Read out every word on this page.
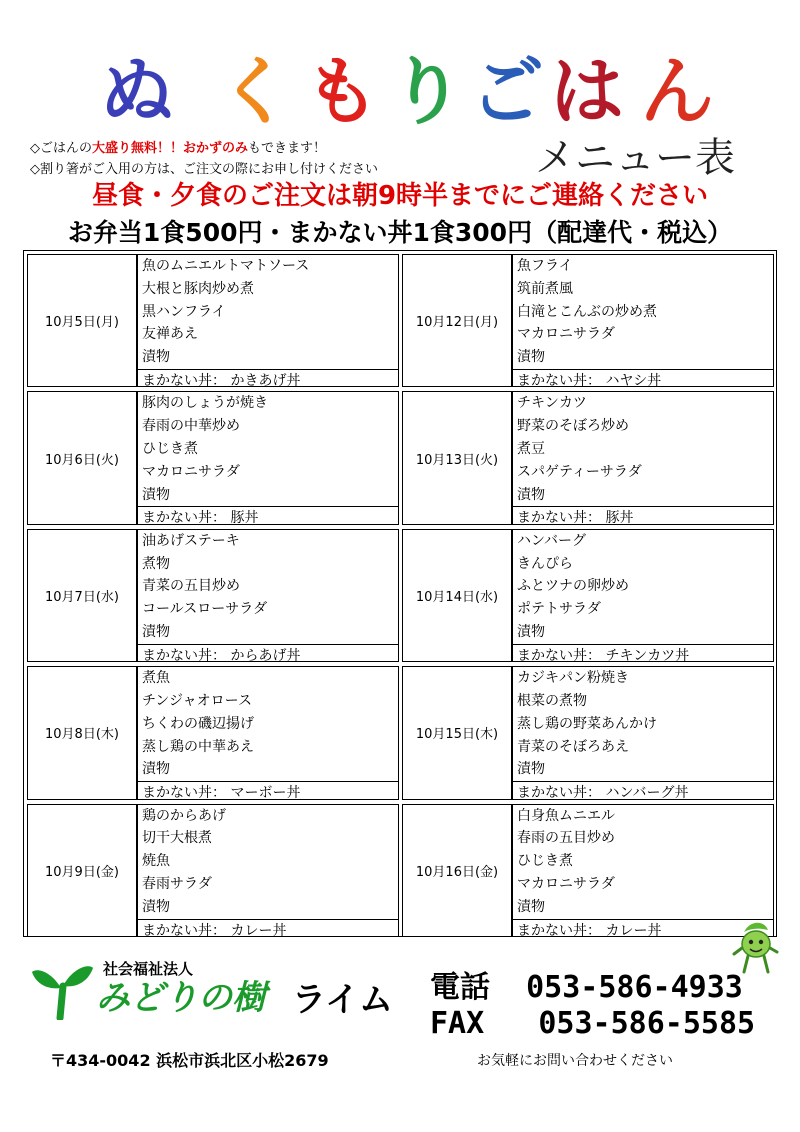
ぬ く も り ご は ん
メニュー表
◇ごはんの大盛り無料！！おかずのみもできます！
◇割り箸がご入用の方は、ご注文の際にお申し付けください
昼食・夕食のご注文は朝9時半までにご連絡ください
お弁当1食500円・まかない丼1食300円（配達代・税込）
10月5日(月)
魚のムニエルトマトソース
大根と豚肉炒め煮
黒ハンフライ
友禅あえ
漬物
まかない丼： かきあげ丼
10月6日(火)
豚肉のしょうが焼き
春雨の中華炒め
ひじき煮
マカロニサラダ
漬物
まかない丼： 豚丼
10月7日(水)
油あげステーキ
煮物
青菜の五目炒め
コールスローサラダ
漬物
まかない丼： からあげ丼
10月8日(木)
煮魚
チンジャオロース
ちくわの磯辺揚げ
蒸し鶏の中華あえ
漬物
まかない丼： マーボー丼
10月9日(金)
鶏のからあげ
切干大根煮
焼魚
春雨サラダ
漬物
まかない丼： カレー丼
10月12日(月)
魚フライ
筑前煮風
白滝とこんぶの炒め煮
マカロニサラダ
漬物
まかない丼： ハヤシ丼
10月13日(火)
チキンカツ
野菜のそぼろ炒め
煮豆
スパゲティーサラダ
漬物
まかない丼： 豚丼
10月14日(水)
ハンバーグ
きんぴら
ふとツナの卵炒め
ポテトサラダ
漬物
まかない丼： チキンカツ丼
10月15日(木)
カジキパン粉焼き
根菜の煮物
蒸し鶏の野菜あんかけ
青菜のそぼろあえ
漬物
まかない丼： ハンバーグ丼
10月16日(金)
白身魚ムニエル
春雨の五目炒め
ひじき煮
マカロニサラダ
漬物
まかない丼： カレー丼
社会福祉法人
みどりの樹 ライム 電話 053-586-4933
FAX 053-586-5585
〒434-0042 浜松市浜北区小松2679	お気軽にお問い合わせください
